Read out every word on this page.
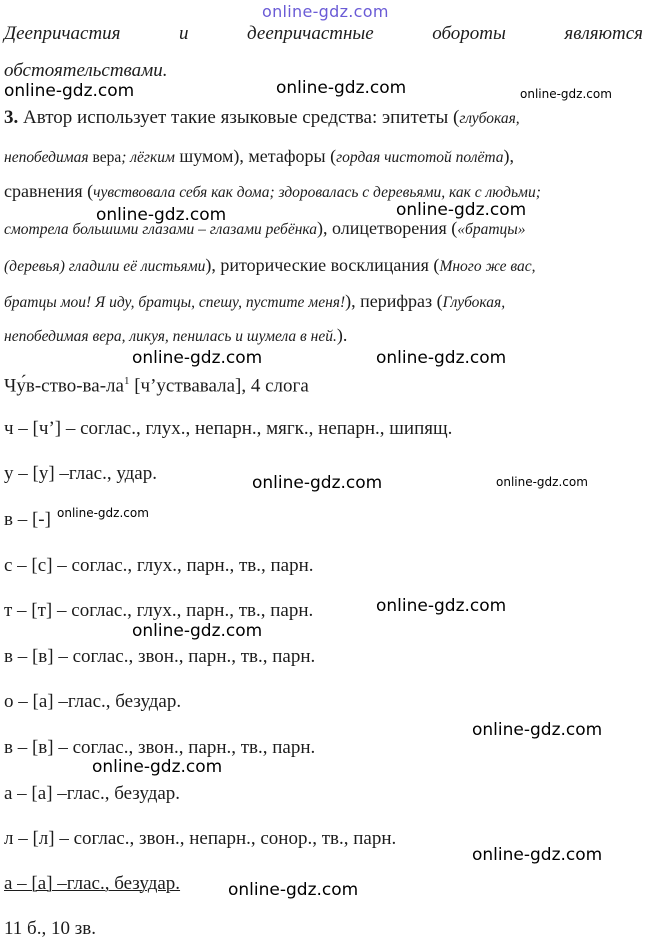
online-gdz.com
Деепричастия	и	деепричастные	обороты	являются
обстоятельствами.
online-gdz.com	online-gdz.com	online-gdz.com
3. Автор использует такие языковые средства: эпитеты (глубокая,
непобедимая вера; лёгким шумом), метафоры (гордая чистотой полёта),
сравнения (чувствовала себя как дома; здоровалась с деревьями, как с людьми;
online-gdz.com	online-gdz.com
смотрела большими глазами – глазами ребёнка), олицетворения («братцы»
(деревья) гладили её листьями), риторические восклицания (Много же вас,
братцы мои! Я иду, братцы, спешу, пустите меня!), перифраз (Глубокая,
непобедимая вера, ликуя, пенилась и шумела в ней.).
online-gdz.com	online-gdz.com
$Чу́в-ство-ва-ла^1$ [ч’уствавала], 4 слога
ч – [ч’] – соглас., глух., непарн., мягк., непарн., шипящ.
у – [у] –глас., удар.	online-gdz.com	online-gdz.com
в – [-] online-gdz.com
с – [с] – соглас., глух., парн., тв., парн.
т – [т] – соглас., глух., парн., тв., парн.	online-gdz.com
online-gdz.com
в – [в] – соглас., звон., парн., тв., парн.
о – [а] –глас., безудар.
online-gdz.com
в – [в] – соглас., звон., парн., тв., парн.
online-gdz.com
а – [а] –глас., безудар.
л – [л] – соглас., звон., непарн., сонор., тв., парн.
online-gdz.com
а – [а] –глас., безудар.	online-gdz.com
11 б., 10 зв.
